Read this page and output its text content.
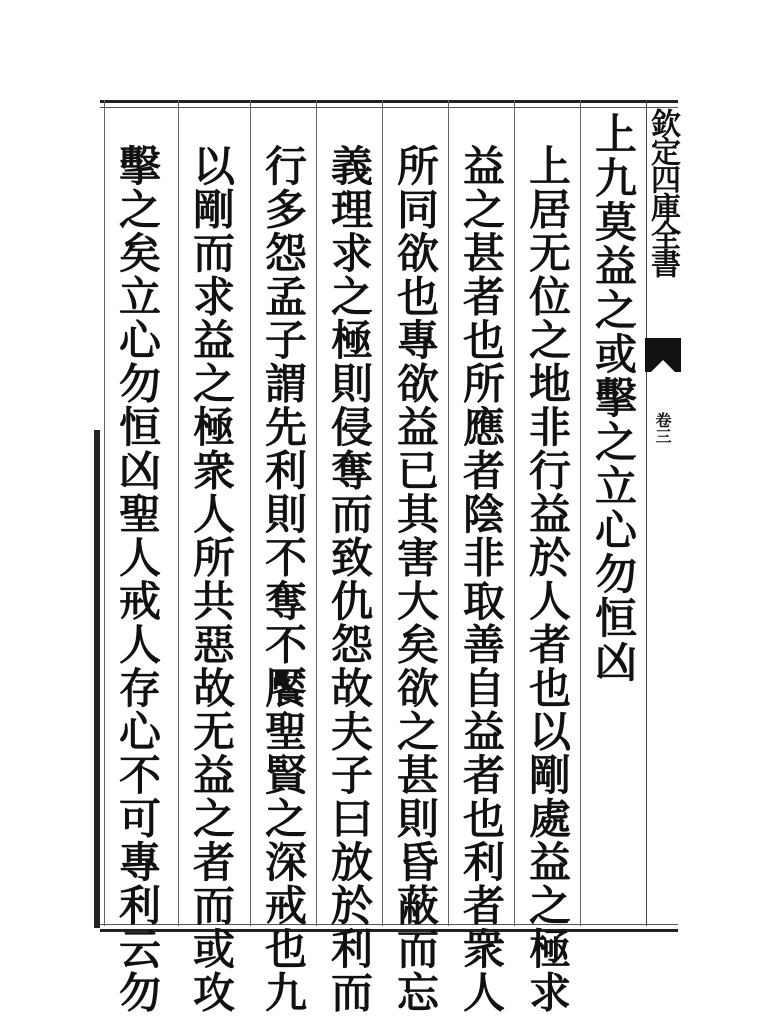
欽定四庫全書
卷三
上九莫益之或擊之立心勿恒凶
上居无位之地非行益於人者也以剛處益之極求
益之甚者也所應者陰非取善自益者也利者衆人
所同欲也專欲益已其害大矣欲之甚則昏蔽而忘
義理求之極則侵奪而致仇怨故夫子曰放於利而
行多怨孟子謂先利則不奪不饜聖賢之深戒也九
以剛而求益之極衆人所共惡故无益之者而或攻
擊之矣立心勿恒凶聖人戒人存心不可專利云勿
